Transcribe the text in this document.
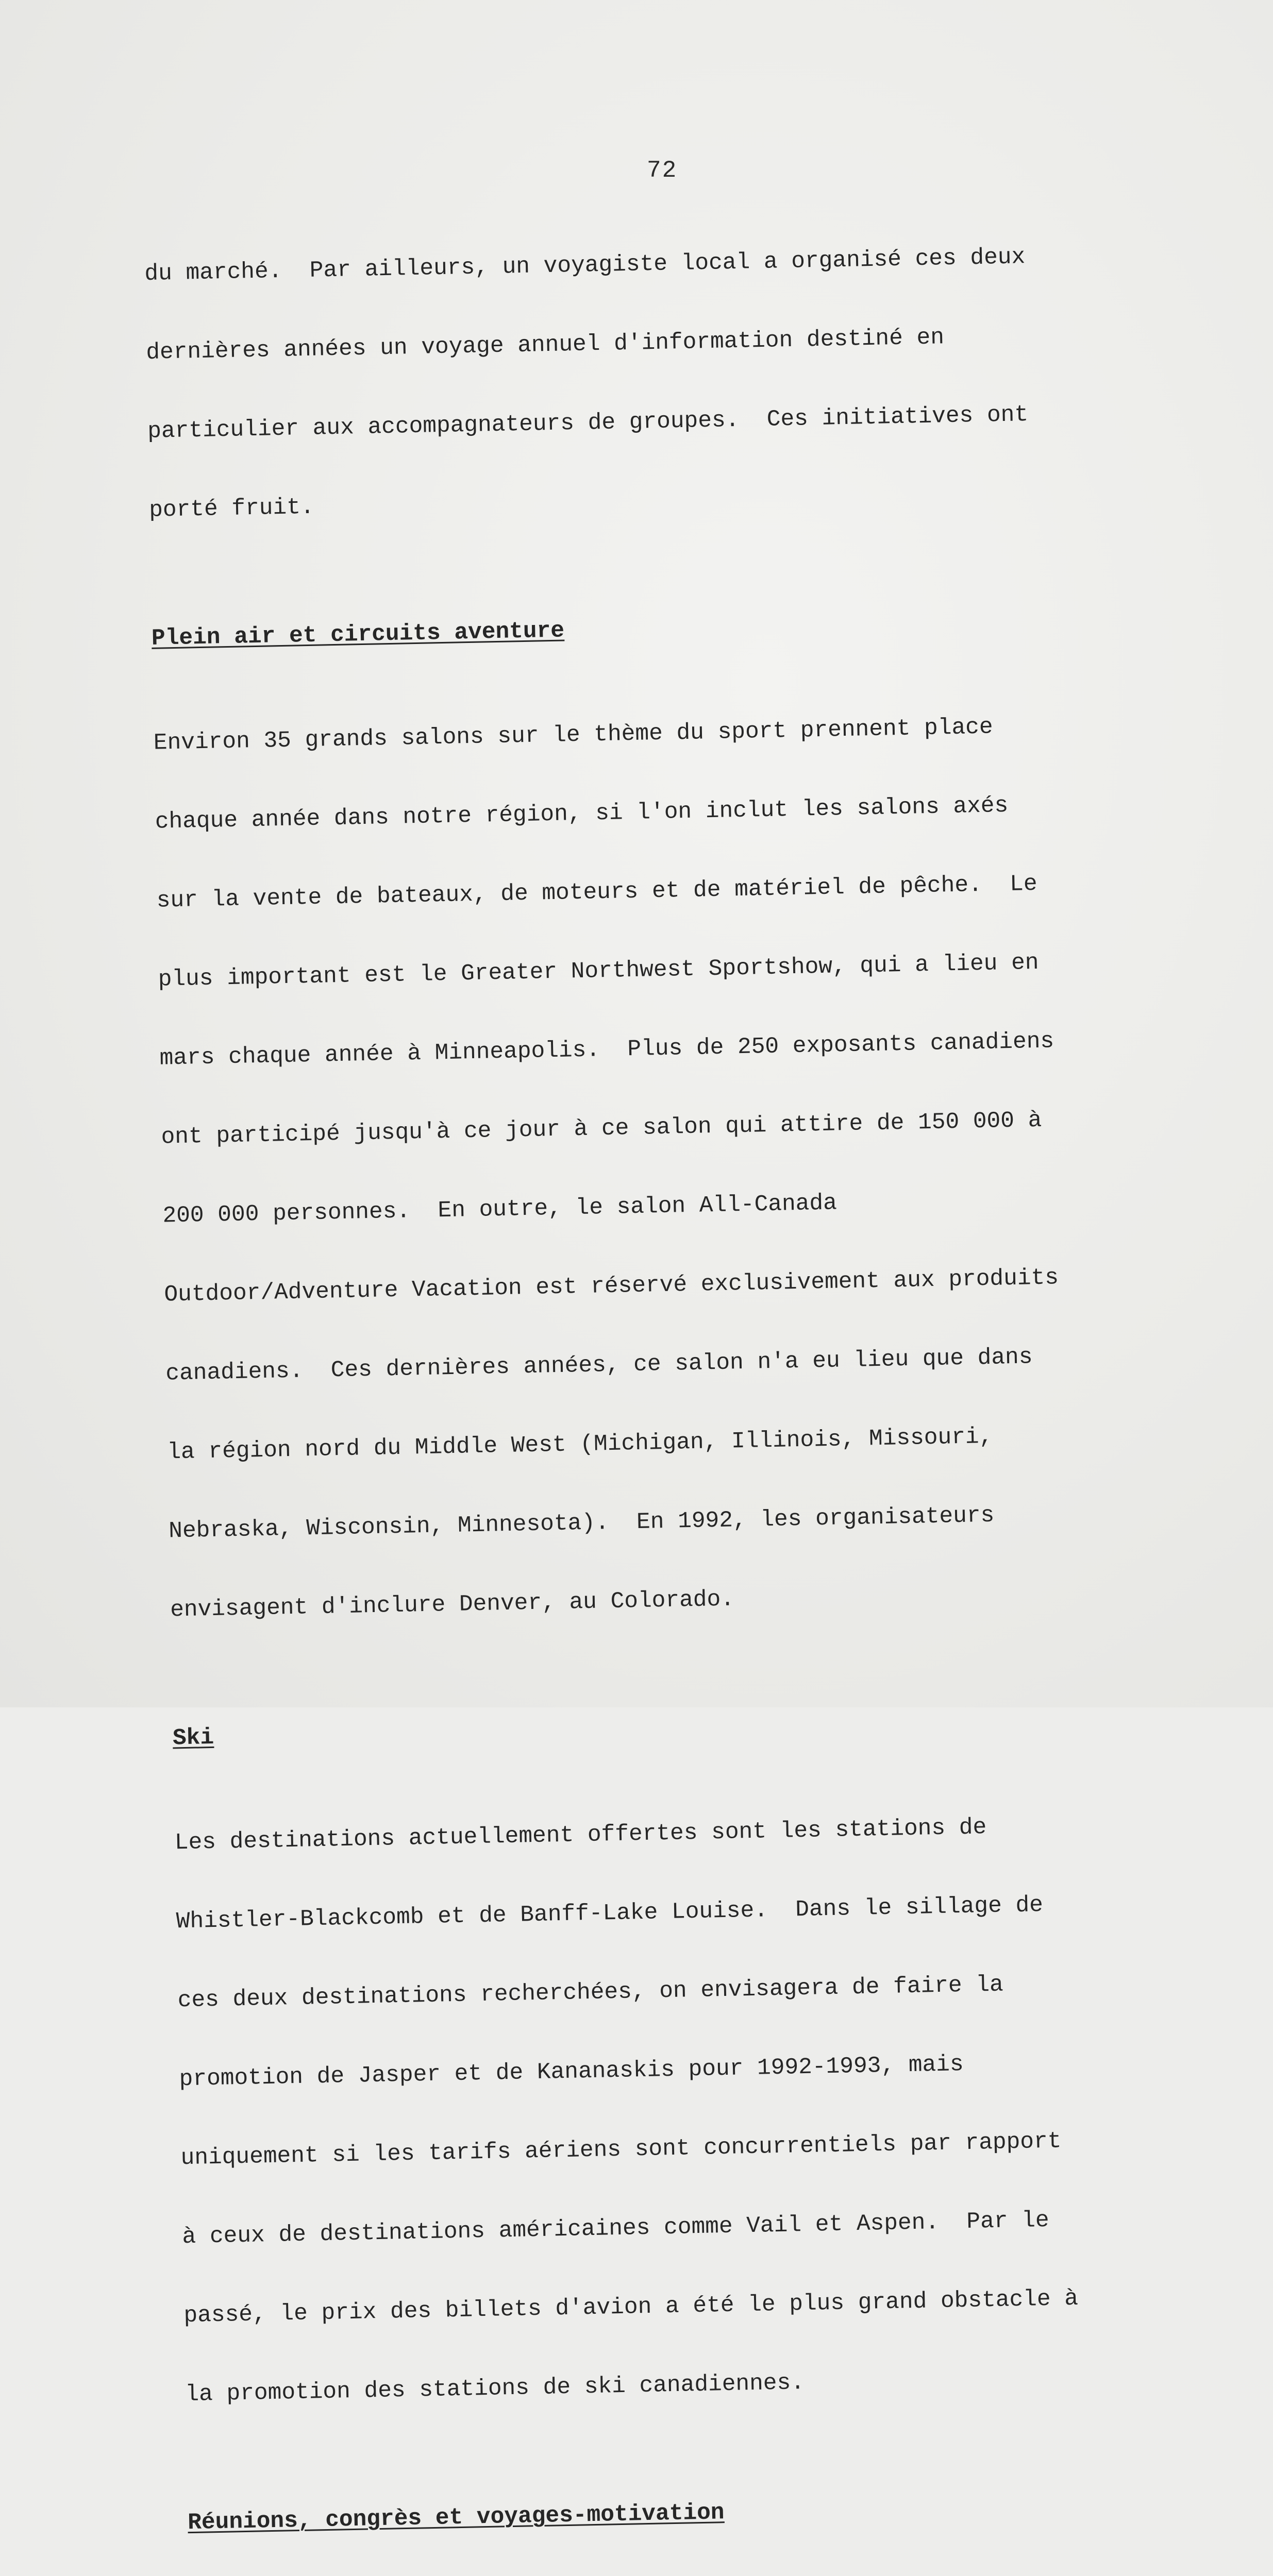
72

du marché.  Par ailleurs, un voyagiste local a organisé ces deux

dernières années un voyage annuel d'information destiné en

particulier aux accompagnateurs de groupes.  Ces initiatives ont

porté fruit.

Plein air et circuits aventure

Environ 35 grands salons sur le thème du sport prennent place

chaque année dans notre région, si l'on inclut les salons axés

sur la vente de bateaux, de moteurs et de matériel de pêche.  Le

plus important est le Greater Northwest Sportshow, qui a lieu en

mars chaque année à Minneapolis.  Plus de 250 exposants canadiens

ont participé jusqu'à ce jour à ce salon qui attire de 150 000 à

200 000 personnes.  En outre, le salon All-Canada

Outdoor/Adventure Vacation est réservé exclusivement aux produits

canadiens.  Ces dernières années, ce salon n'a eu lieu que dans

la région nord du Middle West (Michigan, Illinois, Missouri,

Nebraska, Wisconsin, Minnesota).  En 1992, les organisateurs

envisagent d'inclure Denver, au Colorado.

Ski

Les destinations actuellement offertes sont les stations de

Whistler-Blackcomb et de Banff-Lake Louise.  Dans le sillage de

ces deux destinations recherchées, on envisagera de faire la

promotion de Jasper et de Kananaskis pour 1992-1993, mais

uniquement si les tarifs aériens sont concurrentiels par rapport

à ceux de destinations américaines comme Vail et Aspen.  Par le

passé, le prix des billets d'avion a été le plus grand obstacle à

la promotion des stations de ski canadiennes.

Réunions, congrès et voyages-motivation
